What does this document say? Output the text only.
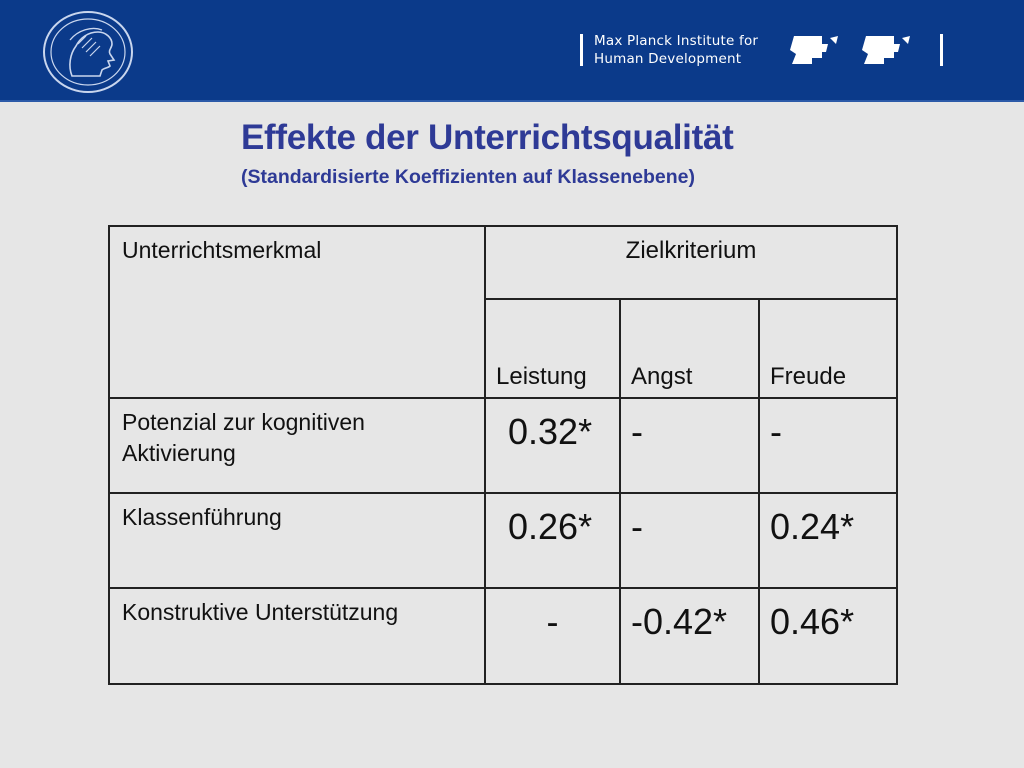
Max Planck Institute for
Human Development
Effekte der Unterrichtsqualität
(Standardisierte Koeffizienten auf Klassenebene)
Unterrichtsmerkmal	Zielkriterium		
	Leistung	Angst	Freude
Potenzial zur kognitiven Aktivierung	0.32*	-	-
Klassenführung	0.26*	-	0.24*
Konstruktive Unterstützung	-	-0.42*	0.46*
